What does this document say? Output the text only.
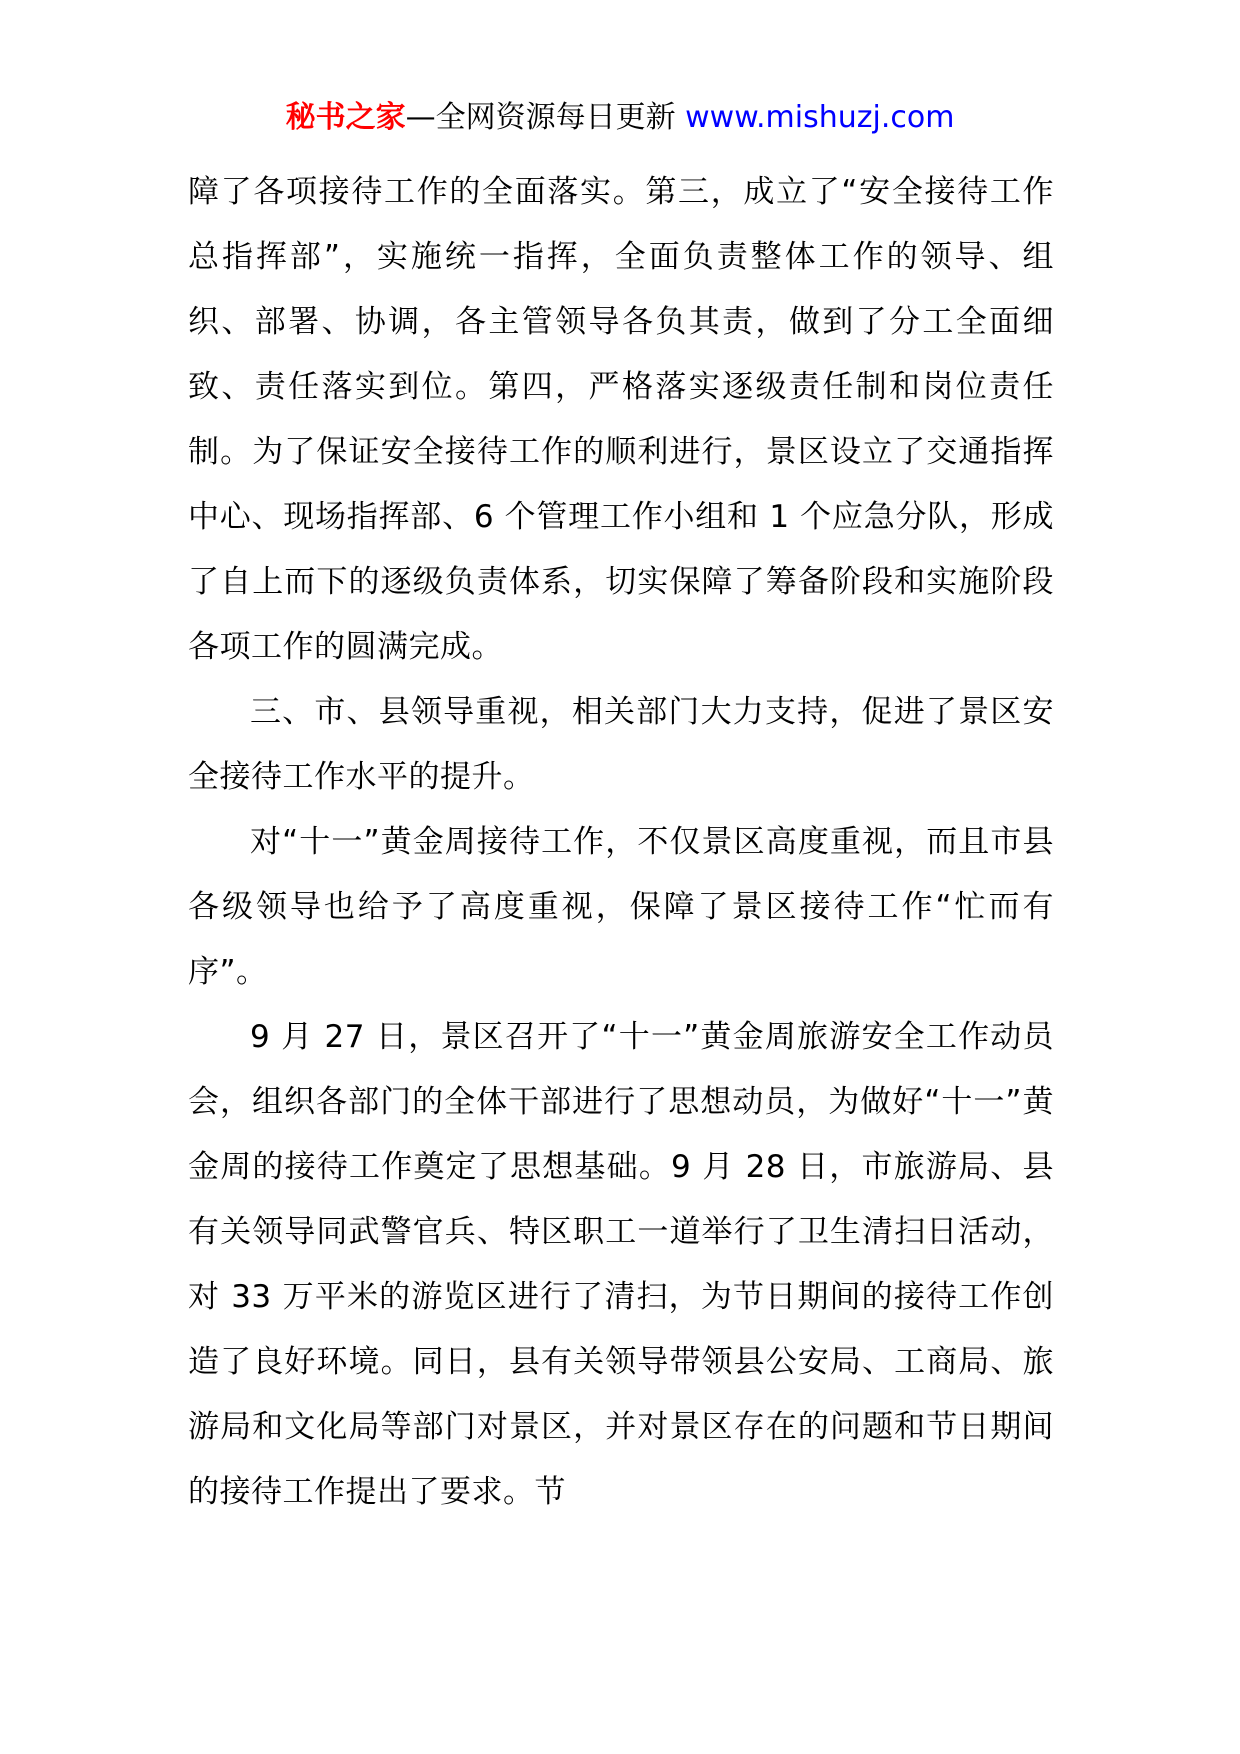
秘书之家—全网资源每日更新 www.mishuzj.com

障了各项接待工作的全面落实。第三，成立了“安全接待工作总指挥部”，实施统一指挥，全面负责整体工作的领导、组织、部署、协调，各主管领导各负其责，做到了分工全面细致、责任落实到位。第四，严格落实逐级责任制和岗位责任制。为了保证安全接待工作的顺利进行，景区设立了交通指挥中心、现场指挥部、6 个管理工作小组和 1 个应急分队，形成了自上而下的逐级负责体系，切实保障了筹备阶段和实施阶段各项工作的圆满完成。

三、市、县领导重视，相关部门大力支持，促进了景区安全接待工作水平的提升。

对“十一”黄金周接待工作，不仅景区高度重视，而且市县各级领导也给予了高度重视，保障了景区接待工作“忙而有序”。

9 月 27 日，景区召开了“十一”黄金周旅游安全工作动员会，组织各部门的全体干部进行了思想动员，为做好“十一”黄金周的接待工作奠定了思想基础。9 月 28 日，市旅游局、县有关领导同武警官兵、特区职工一道举行了卫生清扫日活动，对 33 万平米的游览区进行了清扫，为节日期间的接待工作创造了良好环境。同日，县有关领导带领县公安局、工商局、旅游局和文化局等部门对景区，并对景区存在的问题和节日期间的接待工作提出了要求。节
